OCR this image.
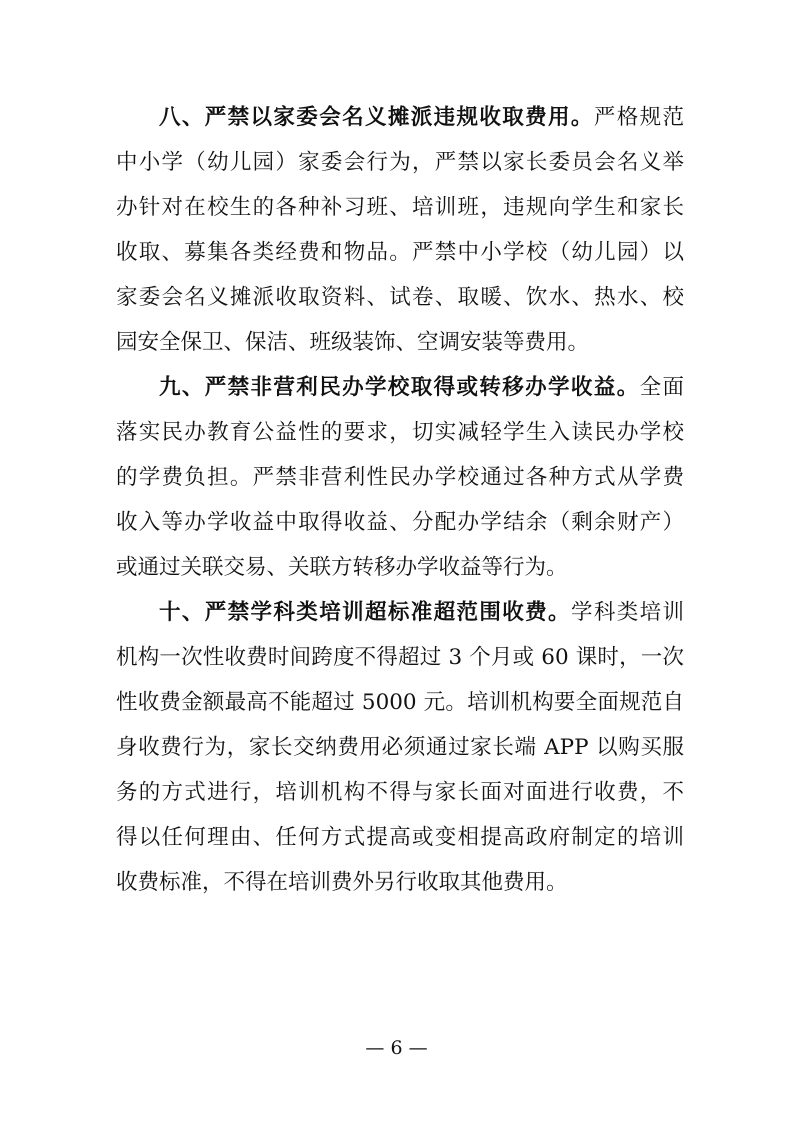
八、严禁以家委会名义摊派违规收取费用。严格规范
中小学（幼儿园）家委会行为，严禁以家长委员会名义举
办针对在校生的各种补习班、培训班，违规向学生和家长
收取、募集各类经费和物品。严禁中小学校（幼儿园）以
家委会名义摊派收取资料、试卷、取暖、饮水、热水、校
园安全保卫、保洁、班级装饰、空调安装等费用。
九、严禁非营利民办学校取得或转移办学收益。全面
落实民办教育公益性的要求，切实减轻学生入读民办学校
的学费负担。严禁非营利性民办学校通过各种方式从学费
收入等办学收益中取得收益、分配办学结余（剩余财产）
或通过关联交易、关联方转移办学收益等行为。
十、严禁学科类培训超标准超范围收费。学科类培训
机构一次性收费时间跨度不得超过 3 个月或 60 课时，一次
性收费金额最高不能超过 5000 元。培训机构要全面规范自
身收费行为，家长交纳费用必须通过家长端 APP 以购买服
务的方式进行，培训机构不得与家长面对面进行收费，不
得以任何理由、任何方式提高或变相提高政府制定的培训
收费标准，不得在培训费外另行收取其他费用。
— 6 —
